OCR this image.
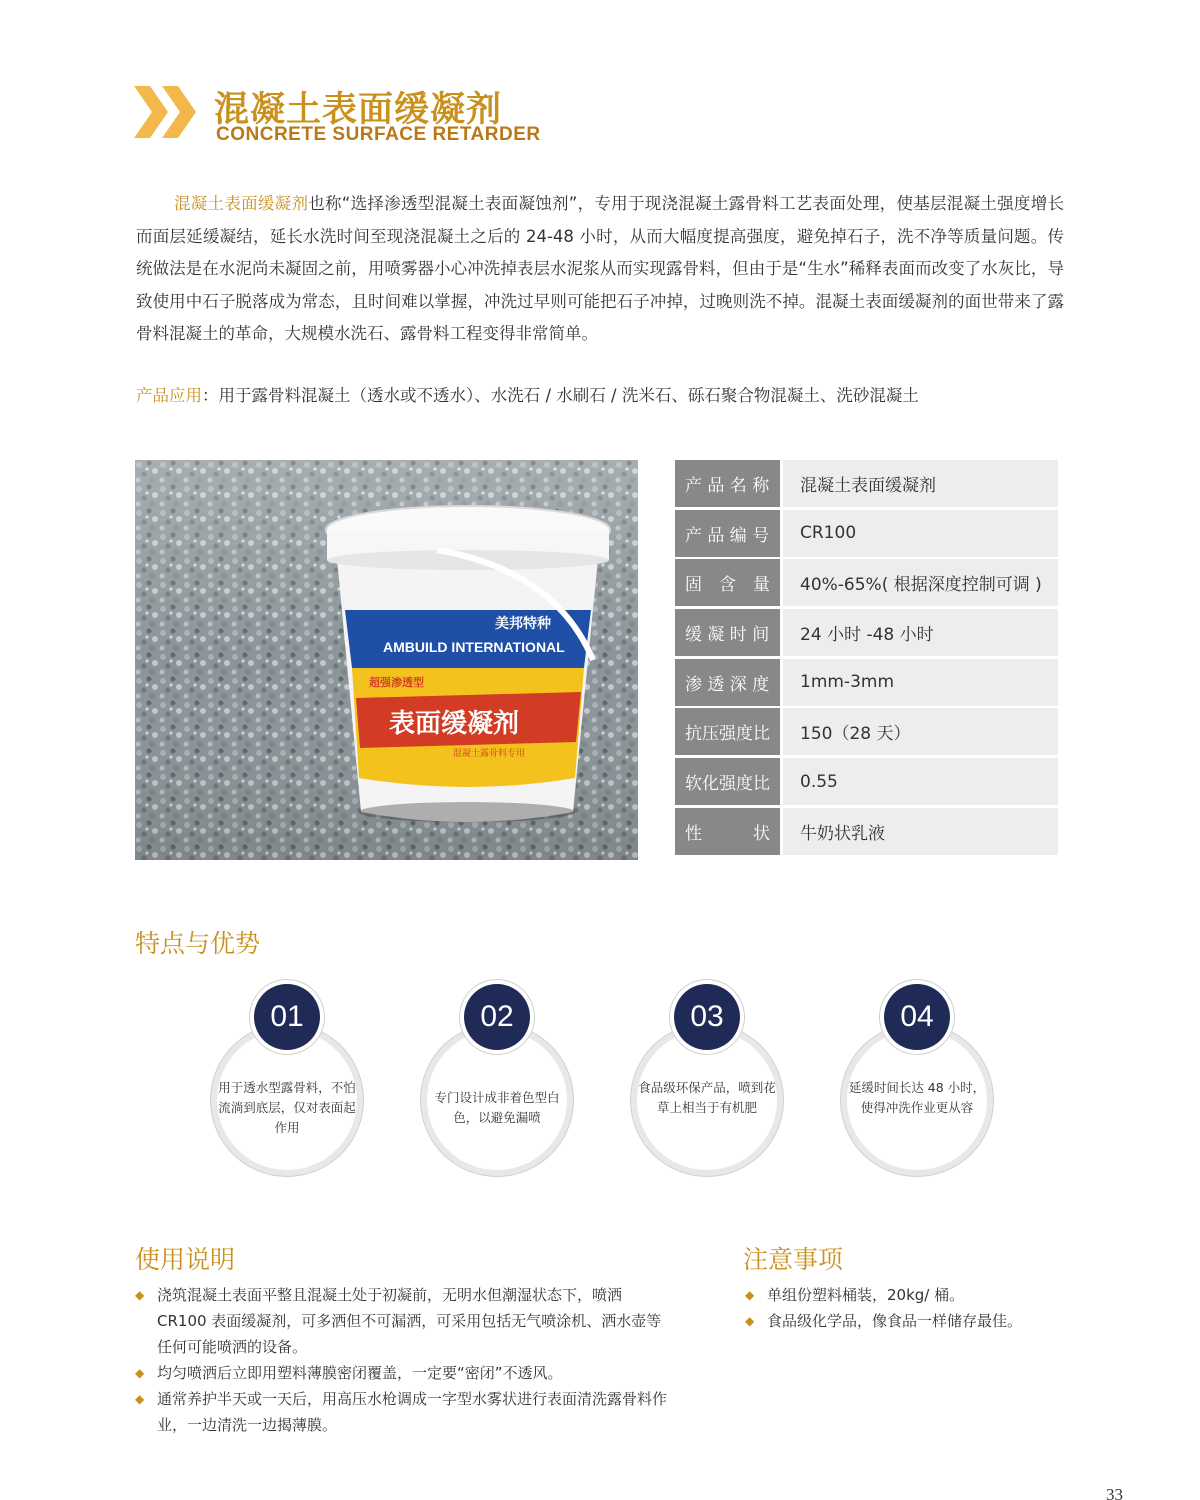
混凝土表面缓凝剂
CONCRETE SURFACE RETARDER

混凝土表面缓凝剂也称“选择渗透型混凝土表面凝蚀剂”，专用于现浇混凝土露骨料工艺表面处理，使基层混凝土强度增长而面层延缓凝结，延长水洗时间至现浇混凝土之后的 24-48 小时，从而大幅度提高强度，避免掉石子，洗不净等质量问题。传统做法是在水泥尚未凝固之前，用喷雾器小心冲洗掉表层水泥浆从而实现露骨料，但由于是“生水”稀释表面而改变了水灰比，导致使用中石子脱落成为常态，且时间难以掌握，冲洗过早则可能把石子冲掉，过晚则洗不掉。混凝土表面缓凝剂的面世带来了露骨料混凝土的革命，大规模水洗石、露骨料工程变得非常简单。

产品应用：用于露骨料混凝土（透水或不透水）、水洗石 / 水刷石 / 洗米石、砾石聚合物混凝土、洗砂混凝土

美邦特种
AMBUILD INTERNATIONAL
超强渗透型
表面缓凝剂
混凝土露骨料专用
产 品 名 称	混凝土表面缓凝剂
产 品 编 号	CR100
固　含　量	40%-65%( 根据深度控制可调 )
缓 凝 时 间	24 小时 -48 小时
渗 透 深 度	1mm-3mm
抗压强度比	150（28 天）
软化强度比	0.55
性　　　状	牛奶状乳液
特点与优势
01
用于透水型露骨料，不怕流淌到底层，仅对表面起作用
02
专门设计成非着色型白色，以避免漏喷
03
食品级环保产品，喷到花草上相当于有机肥
04
延缓时间长达 48 小时，使得冲洗作业更从容
使用说明
◆ 浇筑混凝土表面平整且混凝土处于初凝前，无明水但潮湿状态下，喷洒 CR100 表面缓凝剂，可多洒但不可漏洒，可采用包括无气喷涂机、洒水壶等任何可能喷洒的设备。
◆ 均匀喷洒后立即用塑料薄膜密闭覆盖，一定要“密闭”不透风。
◆ 通常养护半天或一天后，用高压水枪调成一字型水雾状进行表面清洗露骨料作业，一边清洗一边揭薄膜。
注意事项
◆ 单组份塑料桶装，20kg/ 桶。
◆ 食品级化学品，像食品一样储存最佳。
33
